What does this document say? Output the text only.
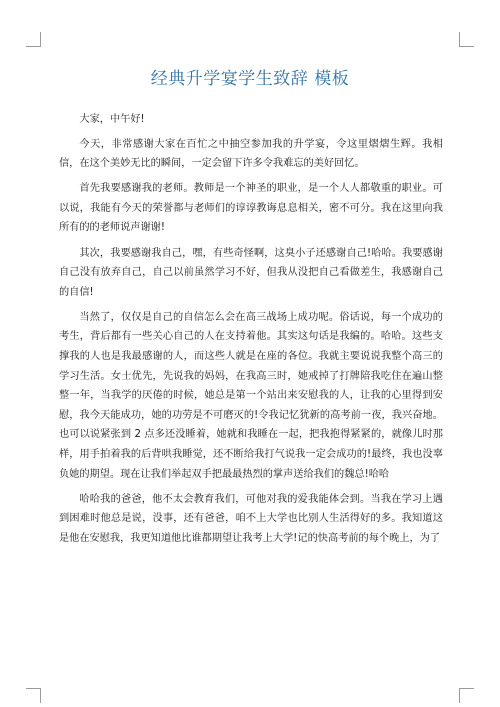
经典升学宴学生致辞 模板

大家，中午好!

今天，非常感谢大家在百忙之中抽空参加我的升学宴，令这里熠熠生辉。我相信，在这个美妙无比的瞬间，一定会留下许多令我难忘的美好回忆。

首先我要感谢我的老师。教师是一个神圣的职业，是一个人人都敬重的职业。可以说，我能有今天的荣誉都与老师们的谆谆教诲息息相关，密不可分。我在这里向我所有的的老师说声谢谢!

其次，我要感谢我自己，嘿，有些奇怪啊，这臭小子还感谢自己!哈哈。我要感谢自己没有放弃自己，自己以前虽然学习不好，但我从没把自己看做差生，我感谢自己的自信!

当然了，仅仅是自己的自信怎么会在高三战场上成功呢。俗话说，每一个成功的考生，背后都有一些关心自己的人在支持着他。其实这句话是我编的。哈哈。这些支撑我的人也是我最感谢的人，而这些人就是在座的各位。我就主要说说我整个高三的学习生活。女士优先，先说我的妈妈，在我高三时，她戒掉了打牌陪我吃住在遍山整整一年，当我学的厌倦的时候，她总是第一个站出来安慰我的人，让我的心里得到安慰，我今天能成功，她的功劳是不可磨灭的!令我记忆犹新的高考前一夜，我兴奋地。也可以说紧张到 2 点多还没睡着，她就和我睡在一起，把我抱得紧紧的，就像儿时那样，用手拍着我的后背哄我睡觉，还不断给我打气说我一定会成功的!最终，我也没辜负她的期望。现在让我们举起双手把最最热烈的掌声送给我们的魏总!哈哈

哈哈我的爸爸，他不太会教育我们，可他对我的爱我能体会到。当我在学习上遇到困难时他总是说，没事，还有爸爸，咱不上大学也比别人生活得好的多。我知道这是他在安慰我，我更知道他比谁都期望让我考上大学!记的快高考前的每个晚上，为了
